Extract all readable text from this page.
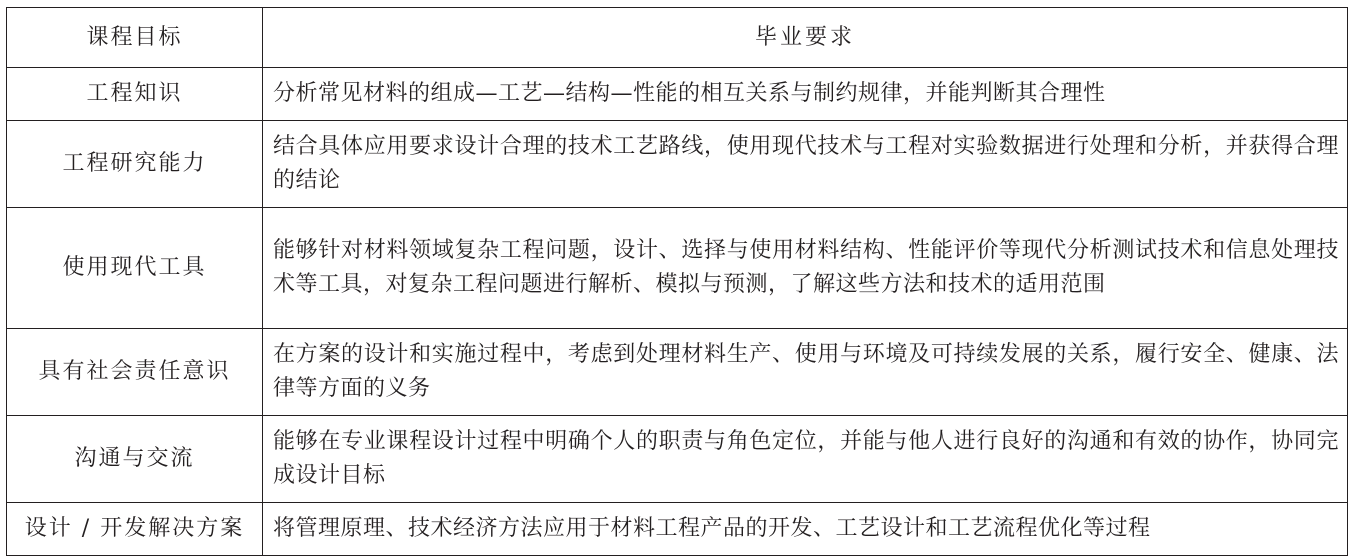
课程目标	毕业要求
工程知识	分析常见材料的组成—工艺—结构—性能的相互关系与制约规律，并能判断其合理性
工程研究能力	结合具体应用要求设计合理的技术工艺路线，使用现代技术与工程对实验数据进行处理和分析，并获得合理的结论
使用现代工具	能够针对材料领域复杂工程问题，设计、选择与使用材料结构、性能评价等现代分析测试技术和信息处理技术等工具，对复杂工程问题进行解析、模拟与预测，了解这些方法和技术的适用范围
具有社会责任意识	在方案的设计和实施过程中，考虑到处理材料生产、使用与环境及可持续发展的关系，履行安全、健康、法律等方面的义务
沟通与交流	能够在专业课程设计过程中明确个人的职责与角色定位，并能与他人进行良好的沟通和有效的协作，协同完成设计目标
设计 / 开发解决方案	将管理原理、技术经济方法应用于材料工程产品的开发、工艺设计和工艺流程优化等过程
